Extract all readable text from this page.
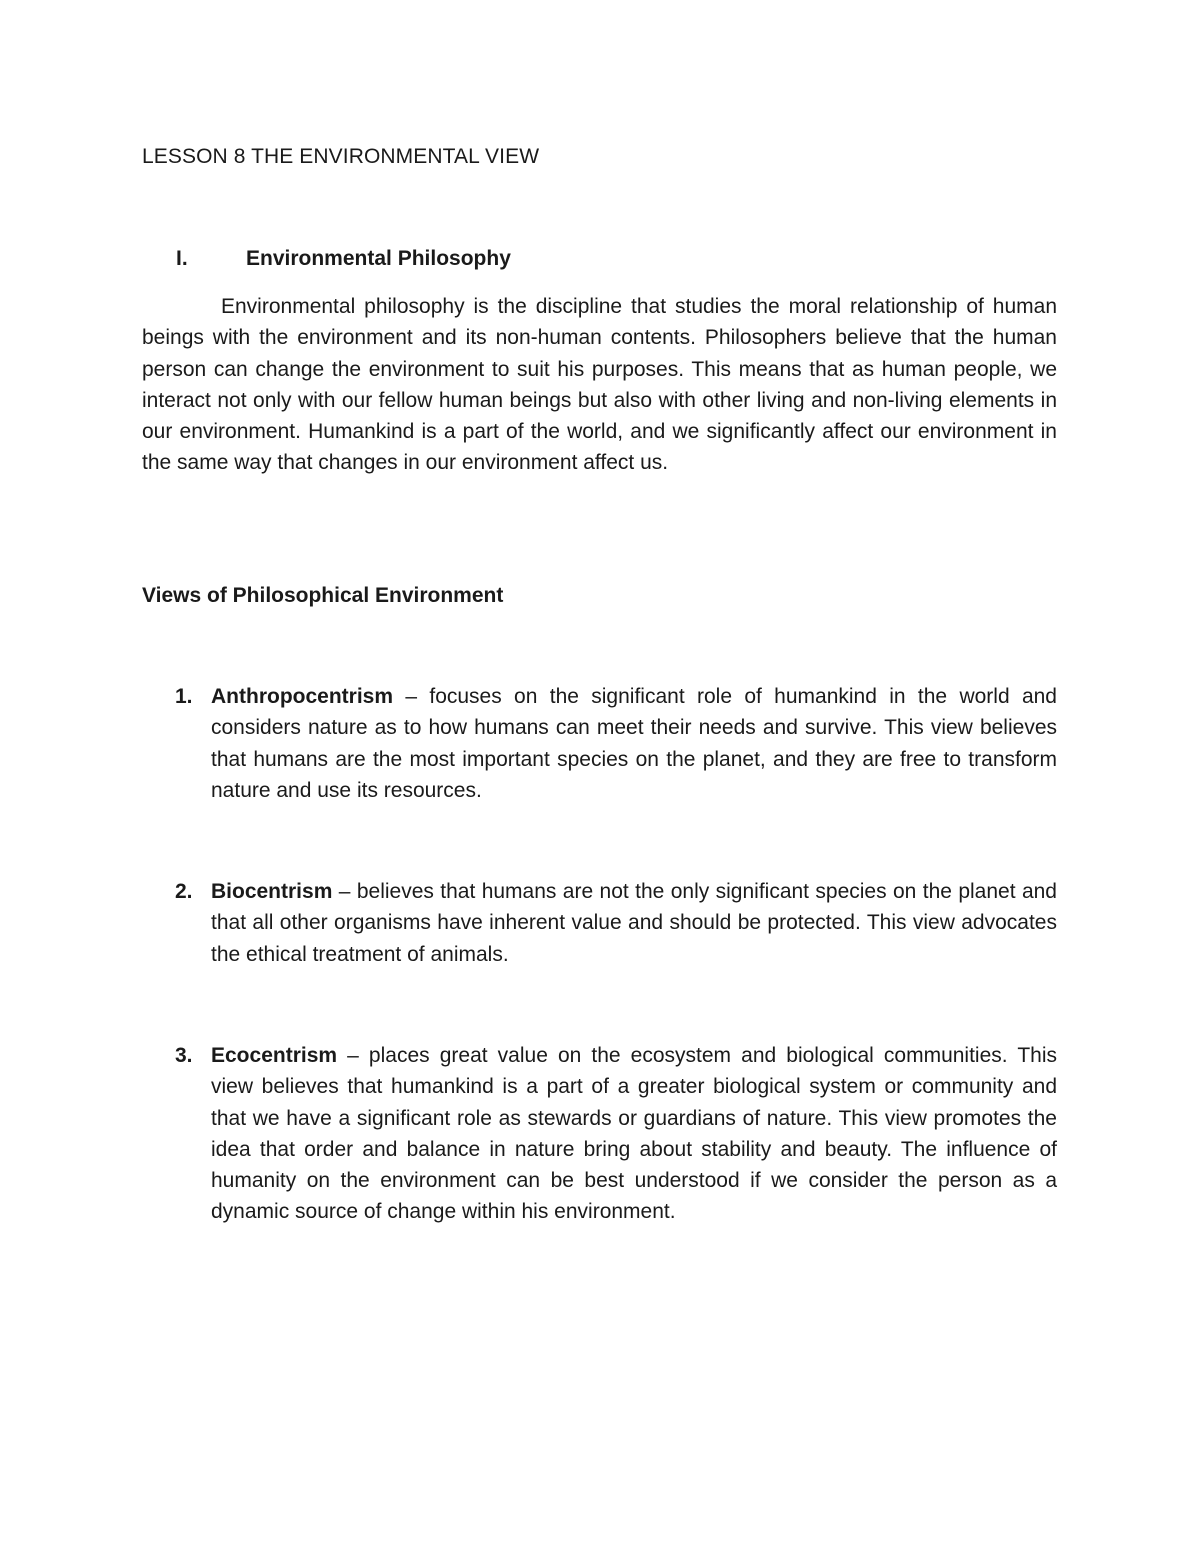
LESSON 8 THE ENVIRONMENTAL VIEW
I.	Environmental Philosophy

Environmental philosophy is the discipline that studies the moral relationship of human beings with the environment and its non-human contents. Philosophers believe that the human person can change the environment to suit his purposes. This means that as human people, we interact not only with our fellow human beings but also with other living and non-living elements in our environment. Humankind is a part of the world, and we significantly affect our environment in the same way that changes in our environment affect us.

Views of Philosophical Environment

1. Anthropocentrism – focuses on the significant role of humankind in the world and considers nature as to how humans can meet their needs and survive. This view believes that humans are the most important species on the planet, and they are free to transform nature and use its resources.

2. Biocentrism – believes that humans are not the only significant species on the planet and that all other organisms have inherent value and should be protected. This view advocates the ethical treatment of animals.

3. Ecocentrism – places great value on the ecosystem and biological communities. This view believes that humankind is a part of a greater biological system or community and that we have a significant role as stewards or guardians of nature. This view promotes the idea that order and balance in nature bring about stability and beauty. The influence of humanity on the environment can be best understood if we consider the person as a dynamic source of change within his environment.
